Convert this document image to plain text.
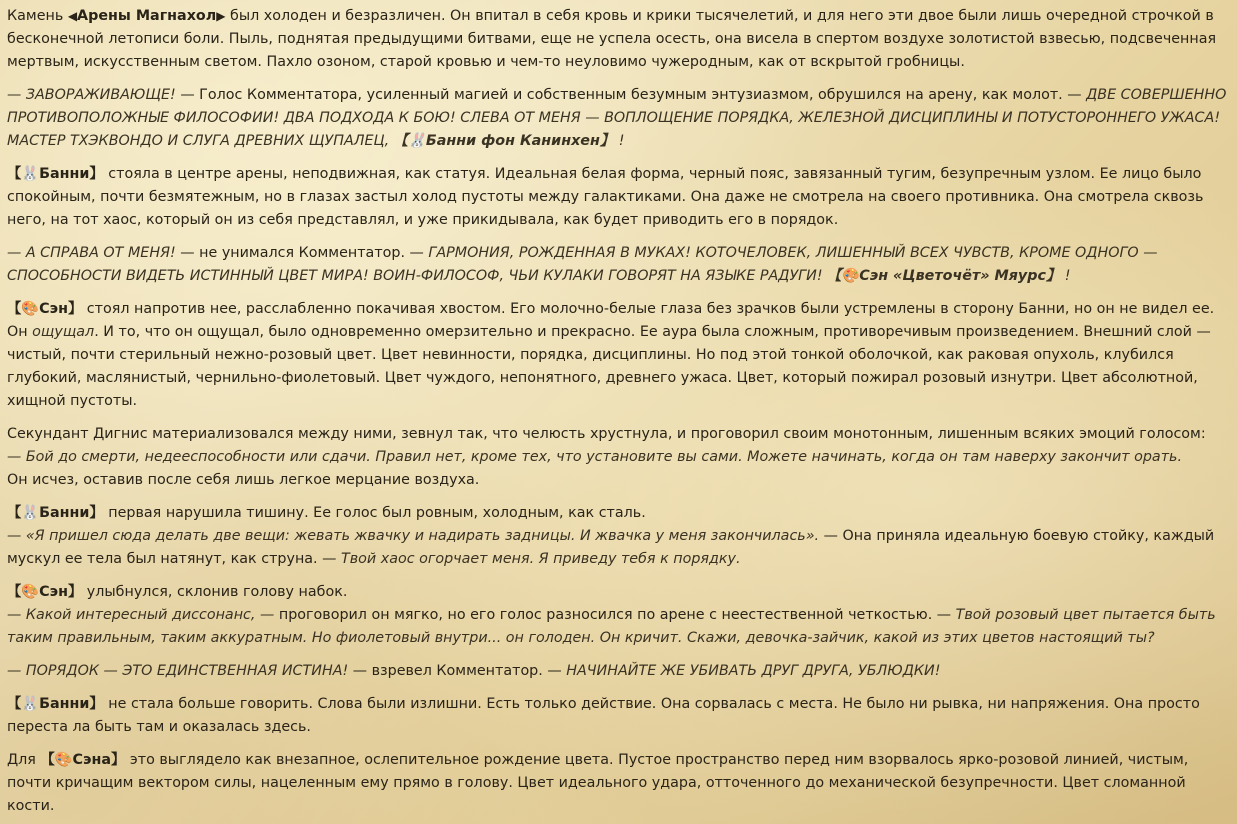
Камень ◀Арены Магнахол▶ был холоден и безразличен. Он впитал в себя кровь и крики тысячелетий, и для него эти двое были лишь очередной строчкой в бесконечной летописи боли. Пыль, поднятая предыдущими битвами, еще не успела осесть, она висела в спертом воздухе золотистой взвесью, подсвеченная мертвым, искусственным светом. Пахло озоном, старой кровью и чем-то неуловимо чужеродным, как от вскрытой гробницы.

— ЗАВОРАЖИВАЮЩЕ! — Голос Комментатора, усиленный магией и собственным безумным энтузиазмом, обрушился на арену, как молот. — ДВЕ СОВЕРШЕННО ПРОТИВОПОЛОЖНЫЕ ФИЛОСОФИИ! ДВА ПОДХОДА К БОЮ! СЛЕВА ОТ МЕНЯ — ВОПЛОЩЕНИЕ ПОРЯДКА, ЖЕЛЕЗНОЙ ДИСЦИПЛИНЫ И ПОТУСТОРОННЕГО УЖАСА! МАСТЕР ТХЭКВОНДО И СЛУГА ДРЕВНИХ ЩУПАЛЕЦ, 【🐰Банни фон Канинхен】 !

【🐰Банни】 стояла в центре арены, неподвижная, как статуя. Идеальная белая форма, черный пояс, завязанный тугим, безупречным узлом. Ее лицо было спокойным, почти безмятежным, но в глазах застыл холод пустоты между галактиками. Она даже не смотрела на своего противника. Она смотрела сквозь него, на тот хаос, который он из себя представлял, и уже прикидывала, как будет приводить его в порядок.

— А СПРАВА ОТ МЕНЯ! — не унимался Комментатор. — ГАРМОНИЯ, РОЖДЕННАЯ В МУКАХ! КОТОЧЕЛОВЕК, ЛИШЕННЫЙ ВСЕХ ЧУВСТВ, КРОМЕ ОДНОГО — СПОСОБНОСТИ ВИДЕТЬ ИСТИННЫЙ ЦВЕТ МИРА! ВОИН-ФИЛОСОФ, ЧЬИ КУЛАКИ ГОВОРЯТ НА ЯЗЫКЕ РАДУГИ! 【🎨Сэн «Цветочёт» Мяурс】 !

【🎨Сэн】 стоял напротив нее, расслабленно покачивая хвостом. Его молочно-белые глаза без зрачков были устремлены в сторону Банни, но он не видел ее. Он ощущал. И то, что он ощущал, было одновременно омерзительно и прекрасно. Ее аура была сложным, противоречивым произведением. Внешний слой — чистый, почти стерильный нежно-розовый цвет. Цвет невинности, порядка, дисциплины. Но под этой тонкой оболочкой, как раковая опухоль, клубился глубокий, маслянистый, чернильно-фиолетовый. Цвет чуждого, непонятного, древнего ужаса. Цвет, который пожирал розовый изнутри. Цвет абсолютной, хищной пустоты.

Секундант Дигнис материализовался между ними, зевнул так, что челюсть хрустнула, и проговорил своим монотонным, лишенным всяких эмоций голосом:
— Бой до смерти, недееспособности или сдачи. Правил нет, кроме тех, что установите вы сами. Можете начинать, когда он там наверху закончит орать.
Он исчез, оставив после себя лишь легкое мерцание воздуха.

【🐰Банни】 первая нарушила тишину. Ее голос был ровным, холодным, как сталь.
— «Я пришел сюда делать две вещи: жевать жвачку и надирать задницы. И жвачка у меня закончилась». — Она приняла идеальную боевую стойку, каждый мускул ее тела был натянут, как струна. — Твой хаос огорчает меня. Я приведу тебя к порядку.

【🎨Сэн】 улыбнулся, склонив голову набок.
— Какой интересный диссонанс, — проговорил он мягко, но его голос разносился по арене с неестественной четкостью. — Твой розовый цвет пытается быть таким правильным, таким аккуратным. Но фиолетовый внутри... он голоден. Он кричит. Скажи, девочка-зайчик, какой из этих цветов настоящий ты?

— ПОРЯДОК — ЭТО ЕДИНСТВЕННАЯ ИСТИНА! — взревел Комментатор. — НАЧИНАЙТЕ ЖЕ УБИВАТЬ ДРУГ ДРУГА, УБЛЮДКИ!

【🐰Банни】 не стала больше говорить. Слова были излишни. Есть только действие. Она сорвалась с места. Не было ни рывка, ни напряжения. Она просто переста ла быть там и оказалась здесь.

Для 【🎨Сэна】 это выглядело как внезапное, ослепительное рождение цвета. Пустое пространство перед ним взорвалось ярко-розовой линией, чистым, почти кричащим вектором силы, нацеленным ему прямо в голову. Цвет идеального удара, отточенного до механической безупречности. Цвет сломанной кости.
